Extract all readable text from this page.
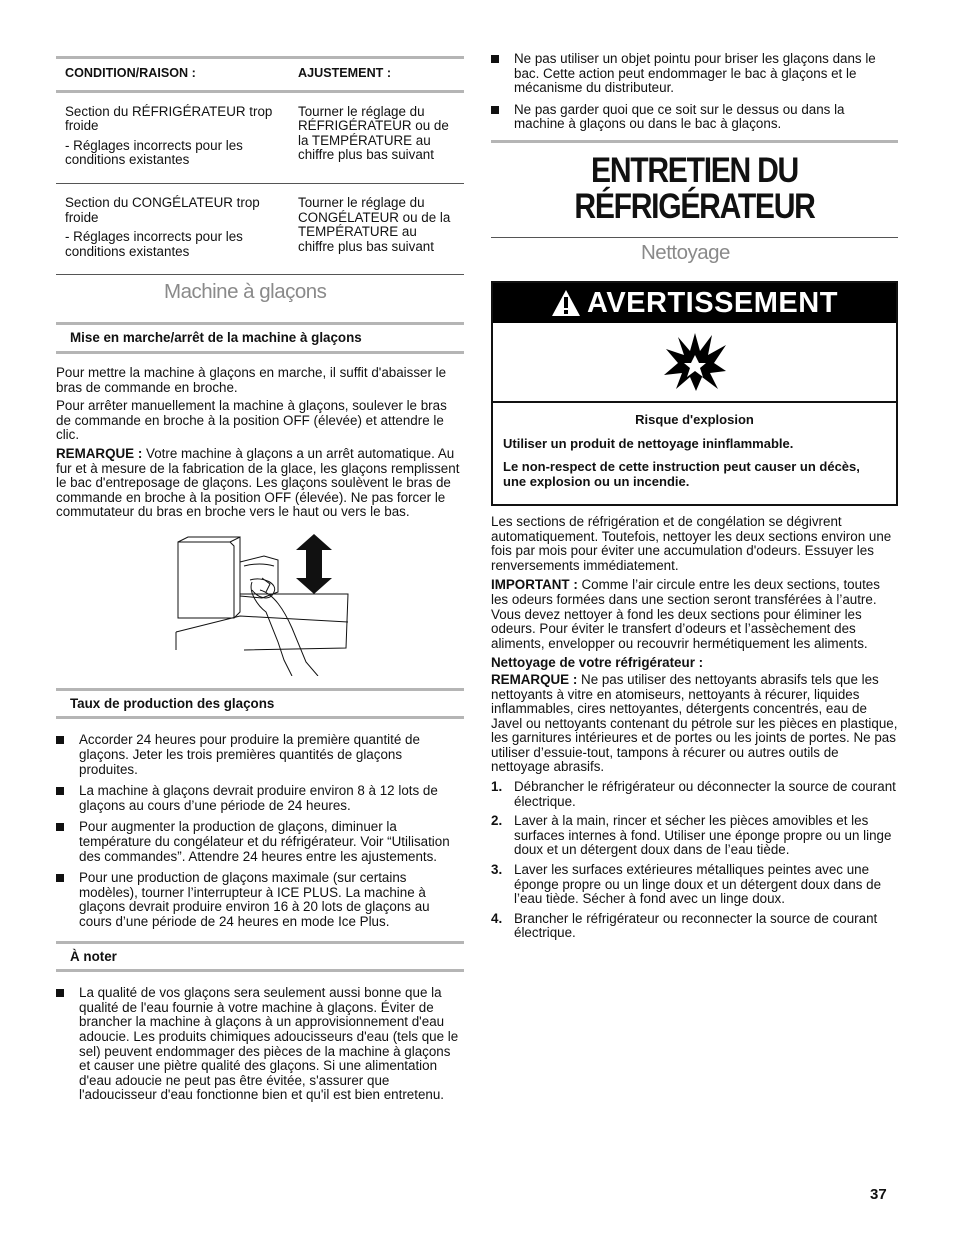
CONDITION/RAISON :	AJUSTEMENT :

Section du RÉFRIGÉRATEUR trop froide

- Réglages incorrects pour les conditions existantes	Tourner le réglage du RÉFRIGÉRATEUR ou de la TEMPÉRATURE au chiffre plus bas suivant

Section du CONGÉLATEUR trop froide

- Réglages incorrects pour les conditions existantes	Tourner le réglage du CONGÉLATEUR ou de la TEMPÉRATURE au chiffre plus bas suivant
Machine à glaçons
Mise en marche/arrêt de la machine à glaçons

Pour mettre la machine à glaçons en marche, il suffit d'abaisser le bras de commande en broche.

Pour arrêter manuellement la machine à glaçons, soulever le bras de commande en broche à la position OFF (élevée) et attendre le clic.

REMARQUE : Votre machine à glaçons a un arrêt automatique. Au fur et à mesure de la fabrication de la glace, les glaçons remplissent le bac d'entreposage de glaçons. Les glaçons soulèvent le bras de commande en broche à la position OFF (élevée). Ne pas forcer le commutateur du bras en broche vers le haut ou vers le bas.

Taux de production des glaçons
Accorder 24 heures pour produire la première quantité de glaçons. Jeter les trois premières quantités de glaçons produites.
La machine à glaçons devrait produire environ 8 à 12 lots de glaçons au cours d’une période de 24 heures.
Pour augmenter la production de glaçons, diminuer la température du congélateur et du réfrigérateur. Voir “Utilisation des commandes”. Attendre 24 heures entre les ajustements.
Pour une production de glaçons maximale (sur certains modèles), tourner l’interrupteur à ICE PLUS. La machine à glaçons devrait produire environ 16 à 20 lots de glaçons au cours d’une période de 24 heures en mode Ice Plus.
À noter
La qualité de vos glaçons sera seulement aussi bonne que la qualité de l'eau fournie à votre machine à glaçons. Éviter de brancher la machine à glaçons à un approvisionnement d'eau adoucie. Les produits chimiques adoucisseurs d'eau (tels que le sel) peuvent endommager des pièces de la machine à glaçons et causer une piètre qualité des glaçons. Si une alimentation d'eau adoucie ne peut pas être évitée, s'assurer que l'adoucisseur d'eau fonctionne bien et qu'il est bien entretenu.
Ne pas utiliser un objet pointu pour briser les glaçons dans le bac. Cette action peut endommager le bac à glaçons et le mécanisme du distributeur.
Ne pas garder quoi que ce soit sur le dessus ou dans la machine à glaçons ou dans le bac à glaçons.
ENTRETIEN DU
RÉFRIGÉRATEUR
Nettoyage
AVERTISSEMENT

Risque d'explosion

Utiliser un produit de nettoyage ininflammable.

Le non-respect de cette instruction peut causer un décès, une explosion ou un incendie.

Les sections de réfrigération et de congélation se dégivrent automatiquement. Toutefois, nettoyer les deux sections environ une fois par mois pour éviter une accumulation d'odeurs. Essuyer les renversements immédiatement.

IMPORTANT : Comme l’air circule entre les deux sections, toutes les odeurs formées dans une section seront transférées à l’autre. Vous devez nettoyer à fond les deux sections pour éliminer les odeurs. Pour éviter le transfert d’odeurs et l’assèchement des aliments, envelopper ou recouvrir hermétiquement les aliments.

Nettoyage de votre réfrigérateur :

REMARQUE : Ne pas utiliser des nettoyants abrasifs tels que les nettoyants à vitre en atomiseurs, nettoyants à récurer, liquides inflammables, cires nettoyantes, détergents concentrés, eau de Javel ou nettoyants contenant du pétrole sur les pièces en plastique, les garnitures intérieures et de portes ou les joints de portes. Ne pas utiliser d’essuie-tout, tampons à récurer ou autres outils de nettoyage abrasifs.

1. Débrancher le réfrigérateur ou déconnecter la source de courant électrique.
2. Laver à la main, rincer et sécher les pièces amovibles et les surfaces internes à fond. Utiliser une éponge propre ou un linge doux et un détergent doux dans de l’eau tiède.
3. Laver les surfaces extérieures métalliques peintes avec une éponge propre ou un linge doux et un détergent doux dans de l’eau tiède. Sécher à fond avec un linge doux.
4. Brancher le réfrigérateur ou reconnecter la source de courant électrique.
37
